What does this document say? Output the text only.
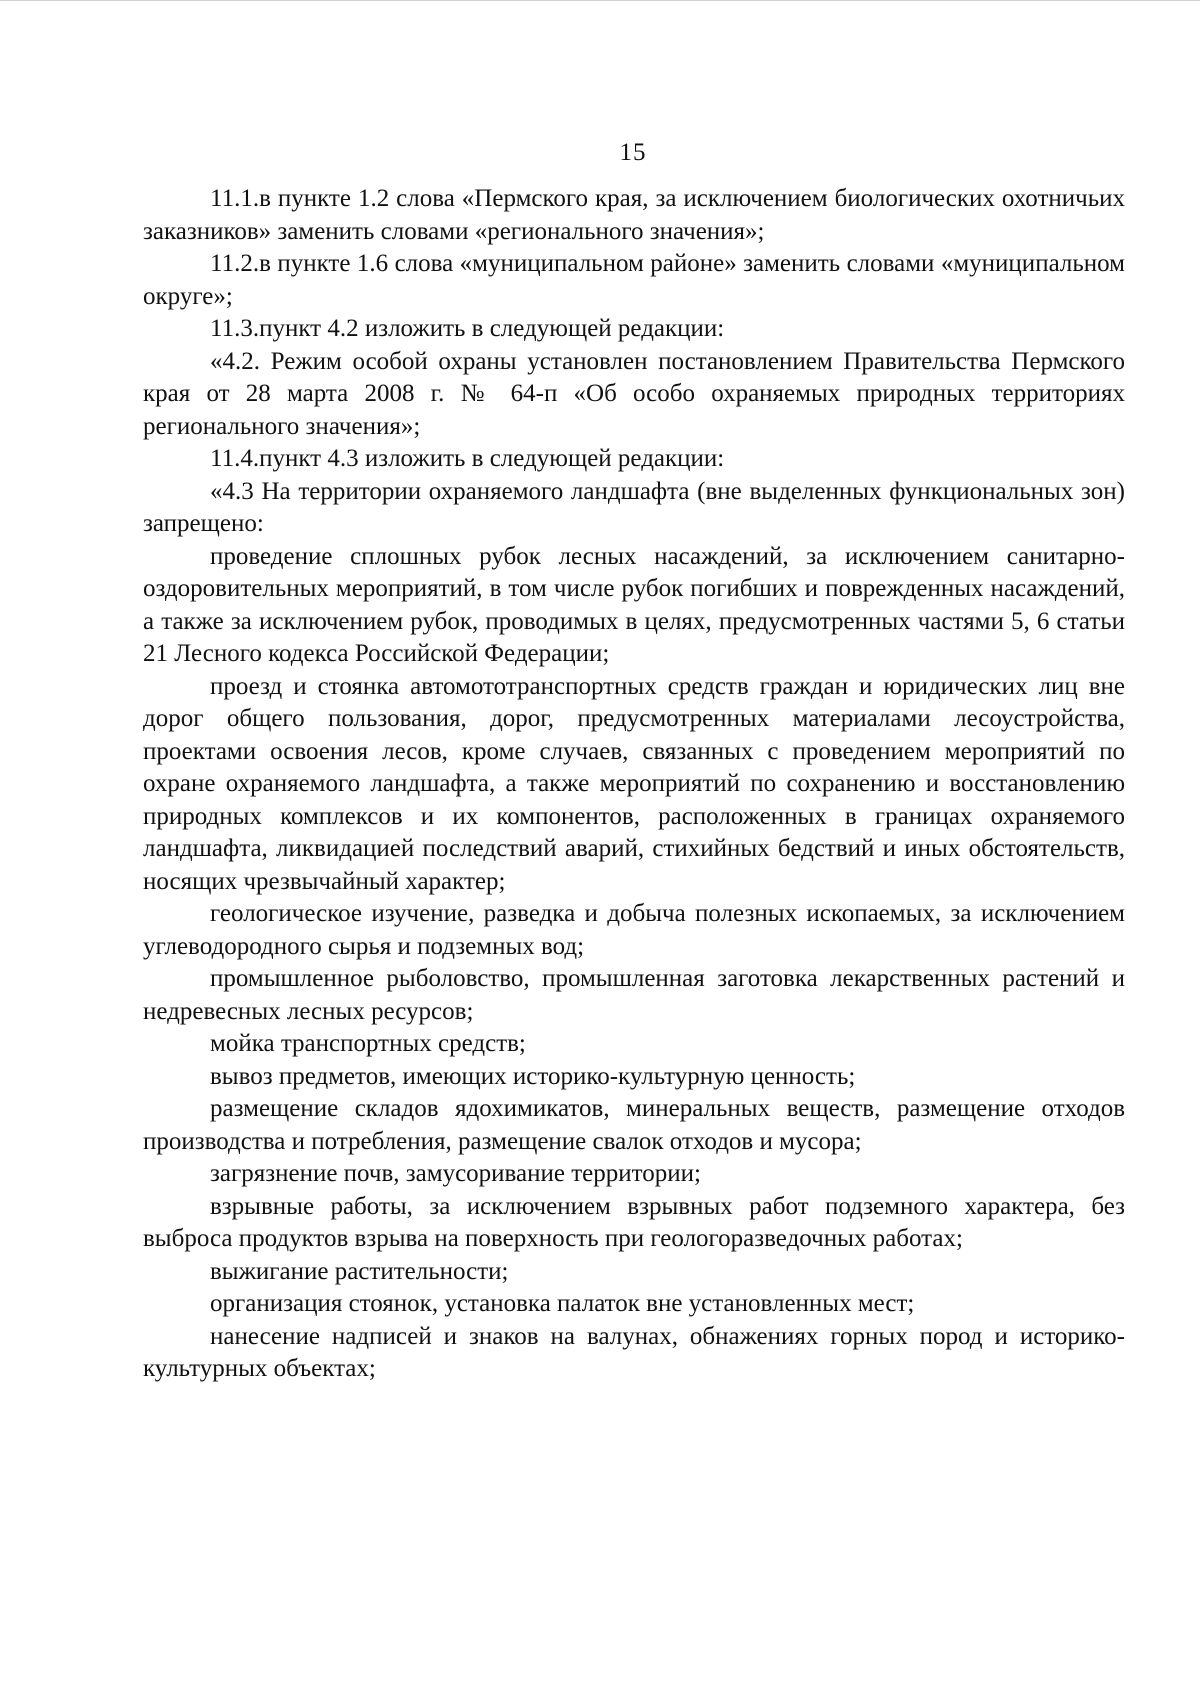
15

11.1.в пункте 1.2 слова «Пермского края, за исключением биологических охотничьих заказников» заменить словами «регионального значения»;

11.2.в пункте 1.6 слова «муниципальном районе» заменить словами «муниципальном округе»;

11.3.пункт 4.2 изложить в следующей редакции:

«4.2. Режим особой охраны установлен постановлением Правительства Пермского края от 28 марта 2008 г. № 64-п «Об особо охраняемых природных территориях регионального значения»;

11.4.пункт 4.3 изложить в следующей редакции:

«4.3 На территории охраняемого ландшафта (вне выделенных функциональных зон) запрещено:

проведение сплошных рубок лесных насаждений, за исключением санитарно-оздоровительных мероприятий, в том числе рубок погибших и поврежденных насаждений, а также за исключением рубок, проводимых в целях, предусмотренных частями 5, 6 статьи 21 Лесного кодекса Российской Федерации;

проезд и стоянка автомототранспортных средств граждан и юридических лиц вне дорог общего пользования, дорог, предусмотренных материалами лесоустройства, проектами освоения лесов, кроме случаев, связанных с проведением мероприятий по охране охраняемого ландшафта, а также мероприятий по сохранению и восстановлению природных комплексов и их компонентов, расположенных в границах охраняемого ландшафта, ликвидацией последствий аварий, стихийных бедствий и иных обстоятельств, носящих чрезвычайный характер;

геологическое изучение, разведка и добыча полезных ископаемых, за исключением углеводородного сырья и подземных вод;

промышленное рыболовство, промышленная заготовка лекарственных растений и недревесных лесных ресурсов;

мойка транспортных средств;

вывоз предметов, имеющих историко-культурную ценность;

размещение складов ядохимикатов, минеральных веществ, размещение отходов производства и потребления, размещение свалок отходов и мусора;

загрязнение почв, замусоривание территории;

взрывные работы, за исключением взрывных работ подземного характера, без выброса продуктов взрыва на поверхность при геологоразведочных работах;

выжигание растительности;

организация стоянок, установка палаток вне установленных мест;

нанесение надписей и знаков на валунах, обнажениях горных пород и историко-культурных объектах;
